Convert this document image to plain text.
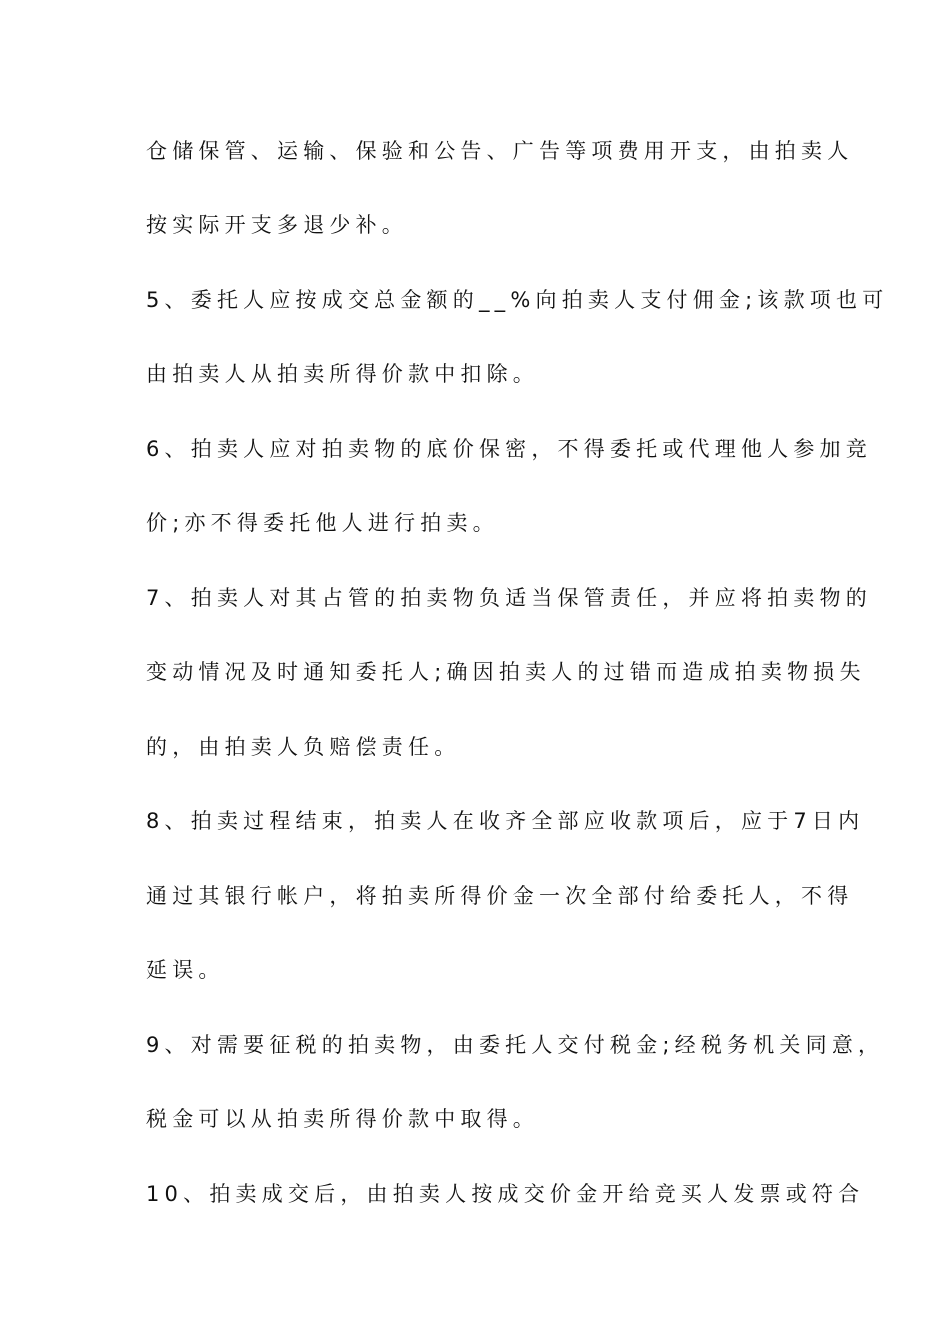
仓储保管、运输、保验和公告、广告等项费用开支，由拍卖人
按实际开支多退少补。
5、委托人应按成交总金额的__%向拍卖人支付佣金;该款项也可
由拍卖人从拍卖所得价款中扣除。
6、拍卖人应对拍卖物的底价保密，不得委托或代理他人参加竞
价;亦不得委托他人进行拍卖。
7、拍卖人对其占管的拍卖物负适当保管责任，并应将拍卖物的
变动情况及时通知委托人;确因拍卖人的过错而造成拍卖物损失
的，由拍卖人负赔偿责任。
8、拍卖过程结束，拍卖人在收齐全部应收款项后，应于7日内
通过其银行帐户，将拍卖所得价金一次全部付给委托人，不得
延误。
9、对需要征税的拍卖物，由委托人交付税金;经税务机关同意，
税金可以从拍卖所得价款中取得。
10、拍卖成交后，由拍卖人按成交价金开给竞买人发票或符合
